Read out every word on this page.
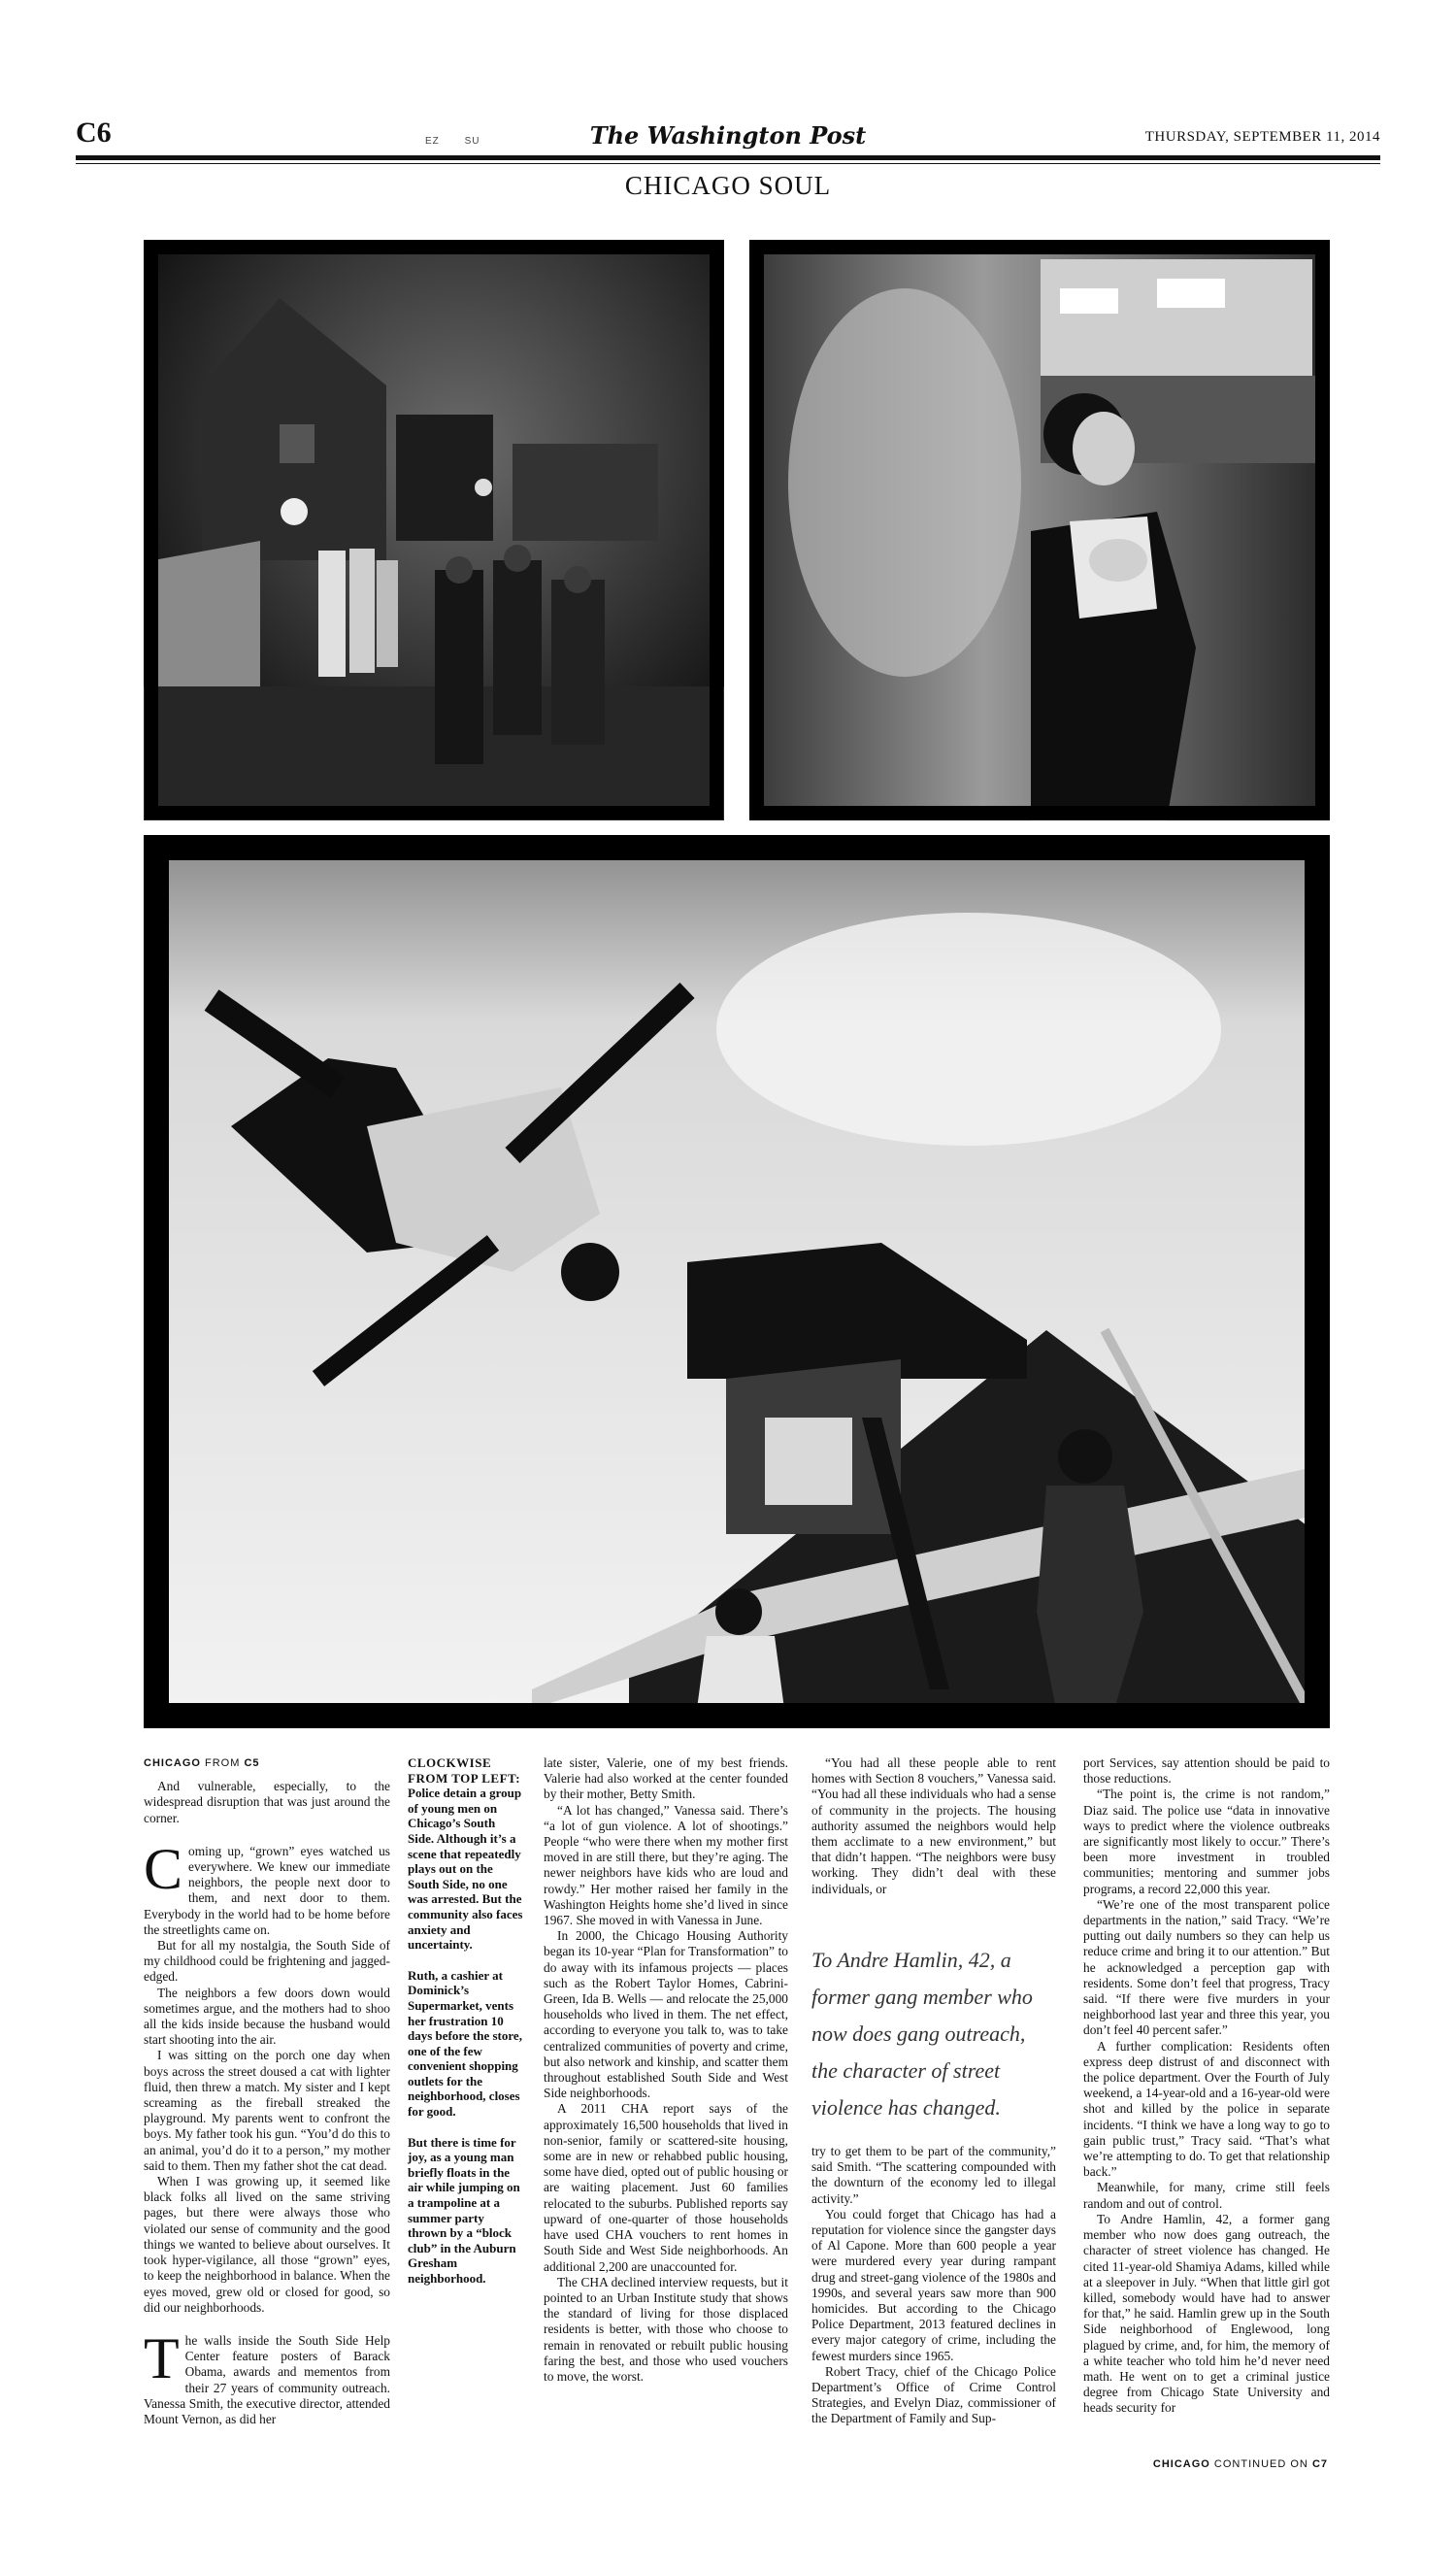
C6	EZ	SU	The Washington Post	THURSDAY, SEPTEMBER 11, 2014
CHICAGO SOUL
CHICAGO FROM C5

And vulnerable, especially, to the widespread disruption that was just around the corner.

Coming up, “grown” eyes watched us everywhere. We knew our immediate neighbors, the people next door to them, and next door to them. Everybody in the world had to be home before the streetlights came on.

But for all my nostalgia, the South Side of my childhood could be frightening and jagged-edged.

The neighbors a few doors down would sometimes argue, and the mothers had to shoo all the kids inside because the husband would start shooting into the air.

I was sitting on the porch one day when boys across the street doused a cat with lighter fluid, then threw a match. My sister and I kept screaming as the fireball streaked the playground. My parents went to confront the boys. My father took his gun. “You’d do this to an animal, you’d do it to a person,” my mother said to them. Then my father shot the cat dead.

When I was growing up, it seemed like black folks all lived on the same striving pages, but there were always those who violated our sense of community and the good things we wanted to believe about ourselves. It took hyper-vigilance, all those “grown” eyes, to keep the neighborhood in balance. When the eyes moved, grew old or closed for good, so did our neighborhoods.

The walls inside the South Side Help Center feature posters of Barack Obama, awards and mementos from their 27 years of community outreach. Vanessa Smith, the executive director, attended Mount Vernon, as did her

CLOCKWISE FROM TOP LEFT:

Police detain a group of young men on Chicago’s South Side. Although it’s a scene that repeatedly plays out on the South Side, no one was arrested. But the community also faces anxiety and uncertainty.

Ruth, a cashier at Dominick’s Supermarket, vents her frustration 10 days before the store, one of the few convenient shopping outlets for the neighborhood, closes for good.

But there is time for joy, as a young man briefly floats in the air while jumping on a trampoline at a summer party thrown by a “block club” in the Auburn Gresham neighborhood.

late sister, Valerie, one of my best friends. Valerie had also worked at the center founded by their mother, Betty Smith.

“A lot has changed,” Vanessa said. There’s “a lot of gun violence. A lot of shootings.” People “who were there when my mother first moved in are still there, but they’re aging. The newer neighbors have kids who are loud and rowdy.” Her mother raised her family in the Washington Heights home she’d lived in since 1967. She moved in with Vanessa in June.

In 2000, the Chicago Housing Authority began its 10-year “Plan for Transformation” to do away with its infamous projects — places such as the Robert Taylor Homes, Cabrini-Green, Ida B. Wells — and relocate the 25,000 households who lived in them. The net effect, according to everyone you talk to, was to take centralized communities of poverty and crime, but also network and kinship, and scatter them throughout established South Side and West Side neighborhoods.

A 2011 CHA report says of the approximately 16,500 households that lived in non-senior, family or scattered-site housing, some are in new or rehabbed public housing, some have died, opted out of public housing or are waiting placement. Just 60 families relocated to the suburbs. Published reports say upward of one-quarter of those households have used CHA vouchers to rent homes in South Side and West Side neighborhoods. An additional 2,200 are unaccounted for.

The CHA declined interview requests, but it pointed to an Urban Institute study that shows the standard of living for those displaced residents is better, with those who choose to remain in renovated or rebuilt public housing faring the best, and those who used vouchers to move, the worst.

“You had all these people able to rent homes with Section 8 vouchers,” Vanessa said. “You had all these individuals who had a sense of community in the projects. The housing authority assumed the neighbors would help them acclimate to a new environment,” but that didn’t happen. “The neighbors were busy working. They didn’t deal with these individuals, or

To Andre Hamlin, 42, a former gang member who now does gang outreach, the character of street violence has changed.

try to get them to be part of the community,” said Smith. “The scattering compounded with the downturn of the economy led to illegal activity.”

You could forget that Chicago has had a reputation for violence since the gangster days of Al Capone. More than 600 people a year were murdered every year during rampant drug and street-gang violence of the 1980s and 1990s, and several years saw more than 900 homicides. But according to the Chicago Police Department, 2013 featured declines in every major category of crime, including the fewest murders since 1965.

Robert Tracy, chief of the Chicago Police Department’s Office of Crime Control Strategies, and Evelyn Diaz, commissioner of the Department of Family and Sup-

port Services, say attention should be paid to those reductions.

“The point is, the crime is not random,” Diaz said. The police use “data in innovative ways to predict where the violence outbreaks are significantly most likely to occur.” There’s been more investment in troubled communities; mentoring and summer jobs programs, a record 22,000 this year.

“We’re one of the most transparent police departments in the nation,” said Tracy. “We’re putting out daily numbers so they can help us reduce crime and bring it to our attention.” But he acknowledged a perception gap with residents. Some don’t feel that progress, Tracy said. “If there were five murders in your neighborhood last year and three this year, you don’t feel 40 percent safer.”

A further complication: Residents often express deep distrust of and disconnect with the police department. Over the Fourth of July weekend, a 14-year-old and a 16-year-old were shot and killed by the police in separate incidents. “I think we have a long way to go to gain public trust,” Tracy said. “That’s what we’re attempting to do. To get that relationship back.”

Meanwhile, for many, crime still feels random and out of control.

To Andre Hamlin, 42, a former gang member who now does gang outreach, the character of street violence has changed. He cited 11-year-old Shamiya Adams, killed while at a sleepover in July. “When that little girl got killed, somebody would have had to answer for that,” he said. Hamlin grew up in the South Side neighborhood of Englewood, long plagued by crime, and, for him, the memory of a white teacher who told him he’d never need math. He went on to get a criminal justice degree from Chicago State University and heads security for

CHICAGO CONTINUED ON C7
